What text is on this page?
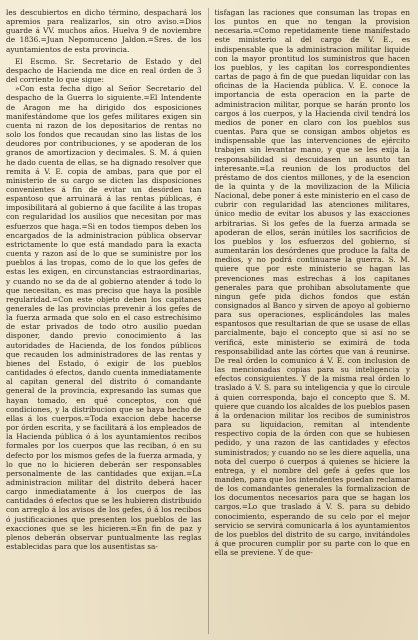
les descubiertos en dicho término, despachará los apremios para realizarlos, sin otro aviso.=Dios guarde á VV. muchos años. Huelva 9 de noviembre de 1836.=Juan Nepomuceno Jaldon.=Sres. de los ayuntamientos de esta provincia.

El Escmo. Sr. Secretario de Estado y del despacho de Hacienda me dice en real órden de 3 del corriente lo que sigue:

»Con esta fecha digo al Señor Secretario del despacho de la Guerra lo siguiente.=El Intendente de Aragon me ha dirigido dos esposiciones manifestándome que los gefes militares exigen sin cuenta ni razon de los depositarios de rentas no solo los fondos que recaudan sino las listas de los deudores por contribuciones, y se apoderan de los granos de amortizacion y decimales. S. M. á quien he dado cuenta de ellas, se ha dignado resolver que remita á V. E. copia de ambas, para que por el ministerio de su cargo se dicten las disposiciones convenientes á fin de evitar un desórden tan espantoso que arruinará á las rentas públicas, é imposibilitará al gobierno á que facilite á las tropas con regularidad los ausilios que necesitan por mas esfuerzos que haga.=Si en todos tiempos deben los encargados de la administracion pública observar estrictamente lo que está mandado para la exacta cuenta y razon así de lo que se suministre por los pueblos á las tropas, como de lo que los gefes de estas les exigen, en circunstancias estraordinarias, y cuando no se da de al gobierno atender á todo lo que necesitan, es mas preciso que haya la posible regularidad.=Con este objeto deben los capitanes generales de las provincias prevenir á los gefes de la fuerza armada que solo en el caso estrechísimo de estar privados de todo otro ausilio puedan disponer, dando previo conocimiento á las autoridades de Hacienda, de los fondos públicos que recauden los administradores de las rentas y bienes del Estado, ó exigir de los pueblos cantidades ó efectos, dando cuenta inmediatamente al capitan general del distrito ó comandante general de la provincia, expresando las sumas que hayan tomado, en qué conceptos, con qué condiciones, y la distribucion que se haya hecho de ellas á los cuerpos.=Toda exaccion debe hacerse por órden escrita, y se facilitará á los empleados de la Hacienda pública ó á los ayuntamientos recibos formales por los cuerpos que las reciban, ó en su defecto por los mismos gefes de la fuerza armada, y lo que no lo hicieren deberán ser responsables personalmente de las cantidades que exijan.=La administracion militar del distrito deberá hacer cargo inmediatamente á los cuerpos de las cantidades ó efectos que se les hubieren distribuido con arreglo á los avisos de los gefes, ó á los recibos ó justificaciones que presenten los pueblos de las exacciones que se les hicieren.=En fin de paz y plenos deberán observar puntualmente las reglas establecidas para que los ausentistas sa-

tisfagan las raciones que consuman las tropas en los puntos en que no tengan la provision necesaria.=Como repetidamente tiene manifestado este ministerio al del cargo de V. E., es indispensable que la administracion militar liquide con la mayor prontitud los suministros que hacen los pueblos, y les capitan los correspondientes cartas de pago á fin de que puedan liquidar con las oficinas de la Hacienda pública. V. E. conoce la importancia de esta operacion en la parte de administracion militar, porque se harán pronto los cargos á los cuerpos, y la Hacienda civil tendrá los medios de poner en claro con los pueblos sus cuentas. Para que se consigan ambos objetos es indispensable que las intervenciones de ejército trabajen sin levantar mano, y que se les exija la responsabilidad si descuidasen un asunto tan interesante.=La reunion de los productos del préstamo de dos cientos millones, y de la esencion de la quinta y de la movilizacion de la Milicia Nacional, debe poner á este ministerio en el caso de cubrir con regularidad las atenciones militares, único medio de evitar los abusos y las exacciones arbitrarias. Si los gefes de la fuerza armada se apoderan de ellos, serán inútiles los sacrificios de los pueblos y los esfuerzos del gobierno, sí aumentarán los desórdenes que produce la falta de medios, y no podrá continuarse la guerra. S. M. quiere que por este ministerio se hagan las prevenciones mas estrechas á los capitanes generales para que prohiban absolutamente que ningun gefe pida dichos fondos que están consignados al Banco y sirven de apoyo al gobierno para sus operaciones, esplicándoles las males espantosos que resultarian de que se usase de ellas parcialmente, bajo el concepto que si así no se verificá, este ministerio se eximirá de toda responsabilidad ante las córtes que van á reunirse. De real órden lo comunico á V. E. con inclusion de las mencionadas copias para su inteligencia y efectos consiguientes. Y de la misma real órden lo traslado á V. S. para su inteligencia y que lo circule á quien corresponda, bajo el concepto que S. M. quiere que cuando los alcaldes de los pueblos pasen á la ordenacion militar los recibos de suministros para su liquidacion, remitan al intendente respectivo copia de la órden con que se hubiesen pedido, y una razon de las cantidades y efectos suministrados; y cuando no se les diere aquella, una nota del cuerpo ó cuerpos á quienes se hiciere la entrega, y el nombre del gefe á gefes que los manden, para que los intendentes puedan reclamar de los comandantes generales la formalizacion de los documentos necesarios para que se hagan los cargos.=Lo que traslado á V. S. para su debido conocimiento, esperando de su celo por el mejor servicio se servirá comunicarla á los ayuntamientos de los pueblos del distrito de su cargo, invitándoles á que procuren cumplir por su parte con lo que en ella se previene. Y de que-
